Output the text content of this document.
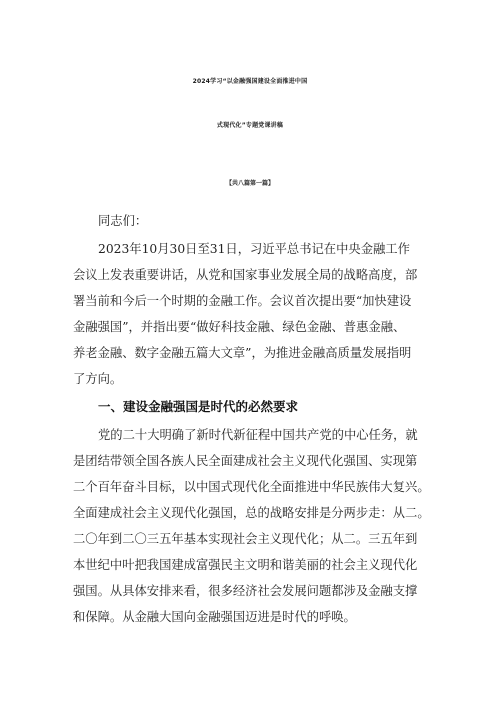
2024学习“以金融强国建设全面推进中国
式现代化”专题党课讲稿
【共八篇第一篇】
同志们：
2023年10月30日至31日，习近平总书记在中央金融工作
会议上发表重要讲话，从党和国家事业发展全局的战略高度，部
署当前和今后一个时期的金融工作。会议首次提出要“加快建设
金融强国”，并指出要“做好科技金融、绿色金融、普惠金融、
养老金融、数字金融五篇大文章”，为推进金融高质量发展指明
了方向。
一、建设金融强国是时代的必然要求
党的二十大明确了新时代新征程中国共产党的中心任务，就
是团结带领全国各族人民全面建成社会主义现代化强国、实现第
二个百年奋斗目标，以中国式现代化全面推进中华民族伟大复兴。
全面建成社会主义现代化强国，总的战略安排是分两步走：从二。
二〇年到二〇三五年基本实现社会主义现代化；从二。三五年到
本世纪中叶把我国建成富强民主文明和谐美丽的社会主义现代化
强国。从具体安排来看，很多经济社会发展问题都涉及金融支撑
和保障。从金融大国向金融强国迈进是时代的呼唤。
